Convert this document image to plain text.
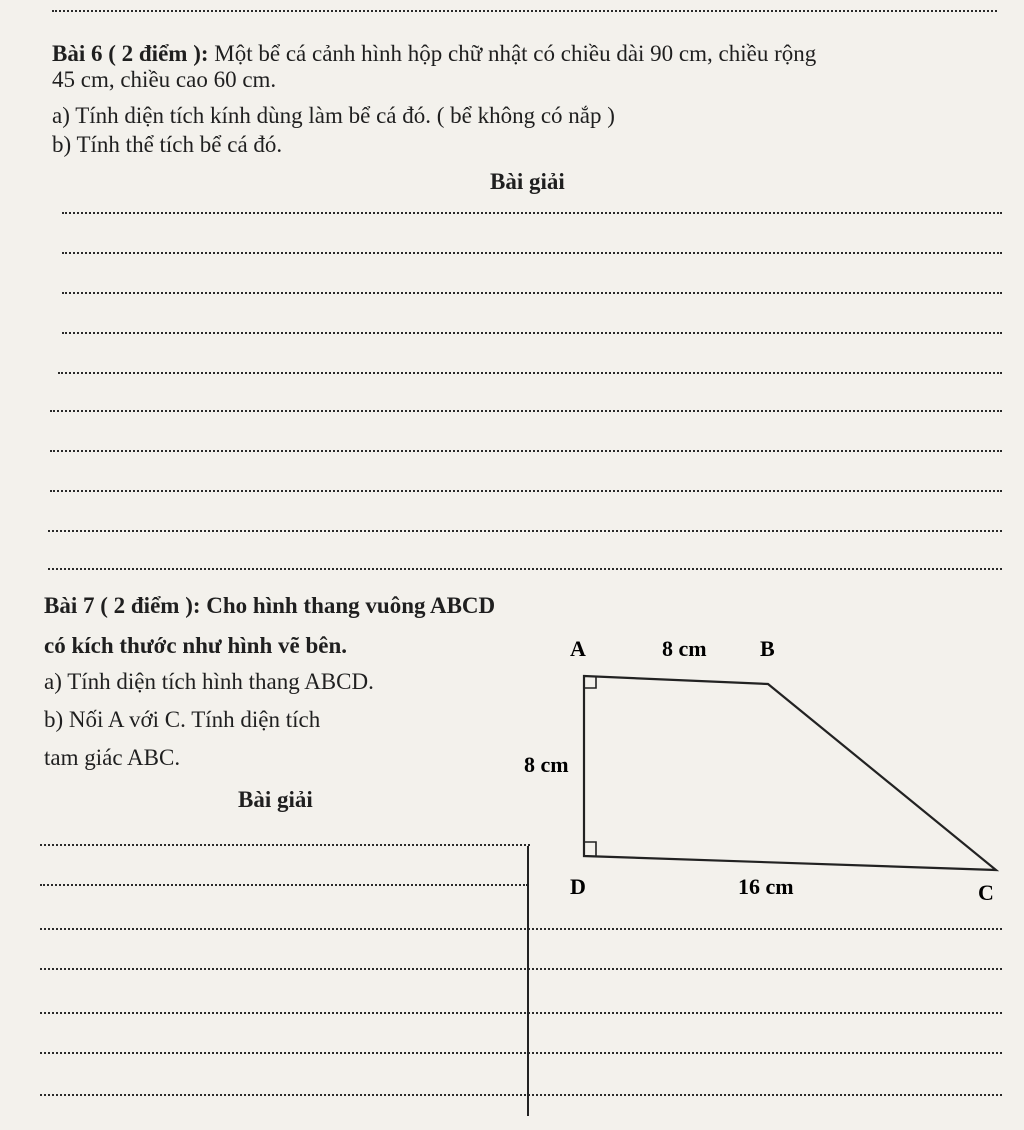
Bài 6 ( 2 điểm ): Một bể cá cảnh hình hộp chữ nhật có chiều dài 90 cm, chiều rộng
45 cm, chiều cao 60 cm.
a) Tính diện tích kính dùng làm bể cá đó. ( bể không có nắp )
b) Tính thể tích bể cá đó.
Bài giải
Bài 7 ( 2 điểm ): Cho hình thang vuông ABCD
có kích thước như hình vẽ bên.
a) Tính diện tích hình thang ABCD.
b) Nối A với C. Tính diện tích
tam giác ABC.
Bài giải
A	B
D	C
8 cm
8 cm
16 cm
